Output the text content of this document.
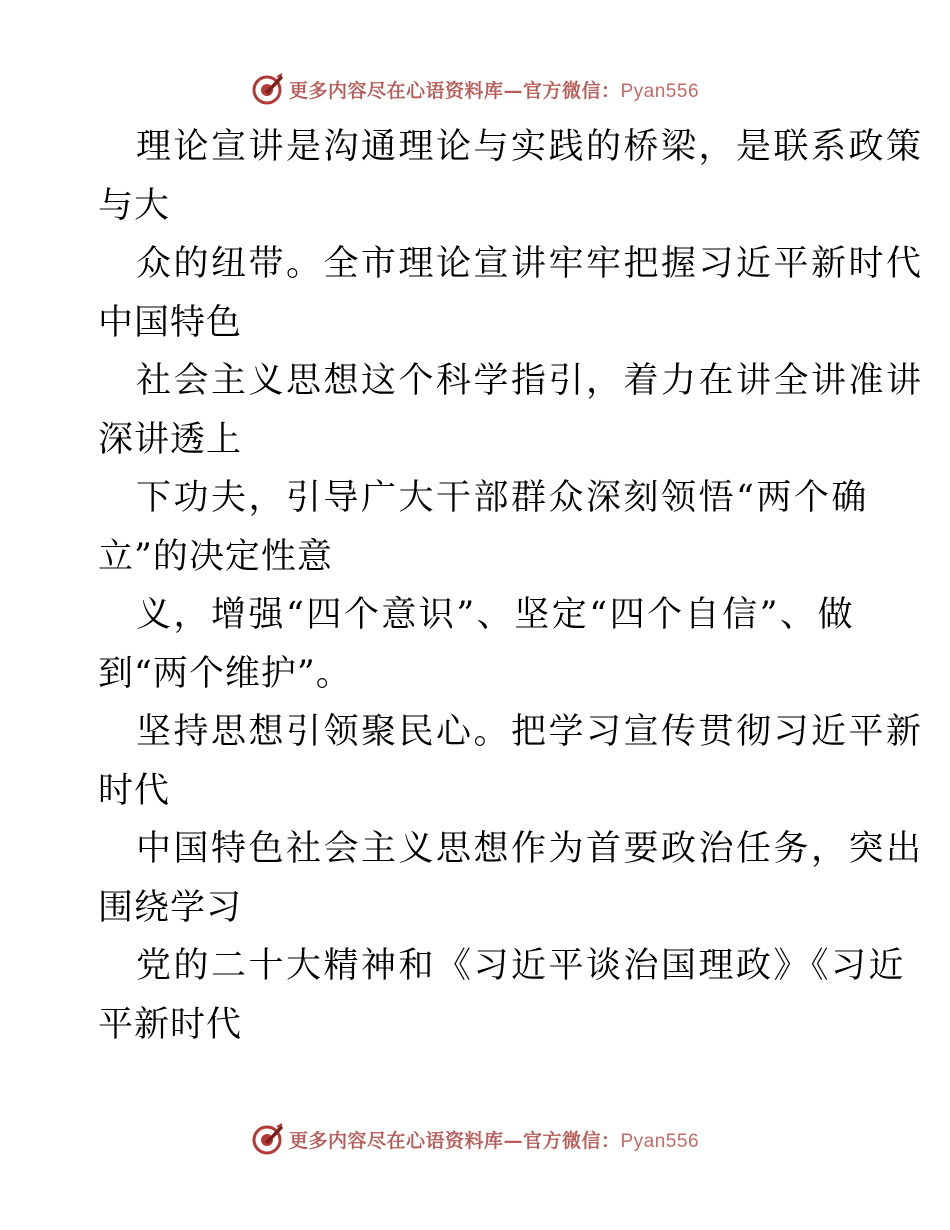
更多内容尽在心语资料库—官方微信：Pyan556
理论宣讲是沟通理论与实践的桥梁，是联系政策
与大
众的纽带。全市理论宣讲牢牢把握习近平新时代
中国特色
社会主义思想这个科学指引，着力在讲全讲准讲
深讲透上
下功夫，引导广大干部群众深刻领悟“两个确
立”的决定性意
义，增强“四个意识”、坚定“四个自信”、做
到“两个维护”。
坚持思想引领聚民心。把学习宣传贯彻习近平新
时代
中国特色社会主义思想作为首要政治任务，突出
围绕学习
党的二十大精神和《习近平谈治国理政》《习近
平新时代
更多内容尽在心语资料库—官方微信：Pyan556
